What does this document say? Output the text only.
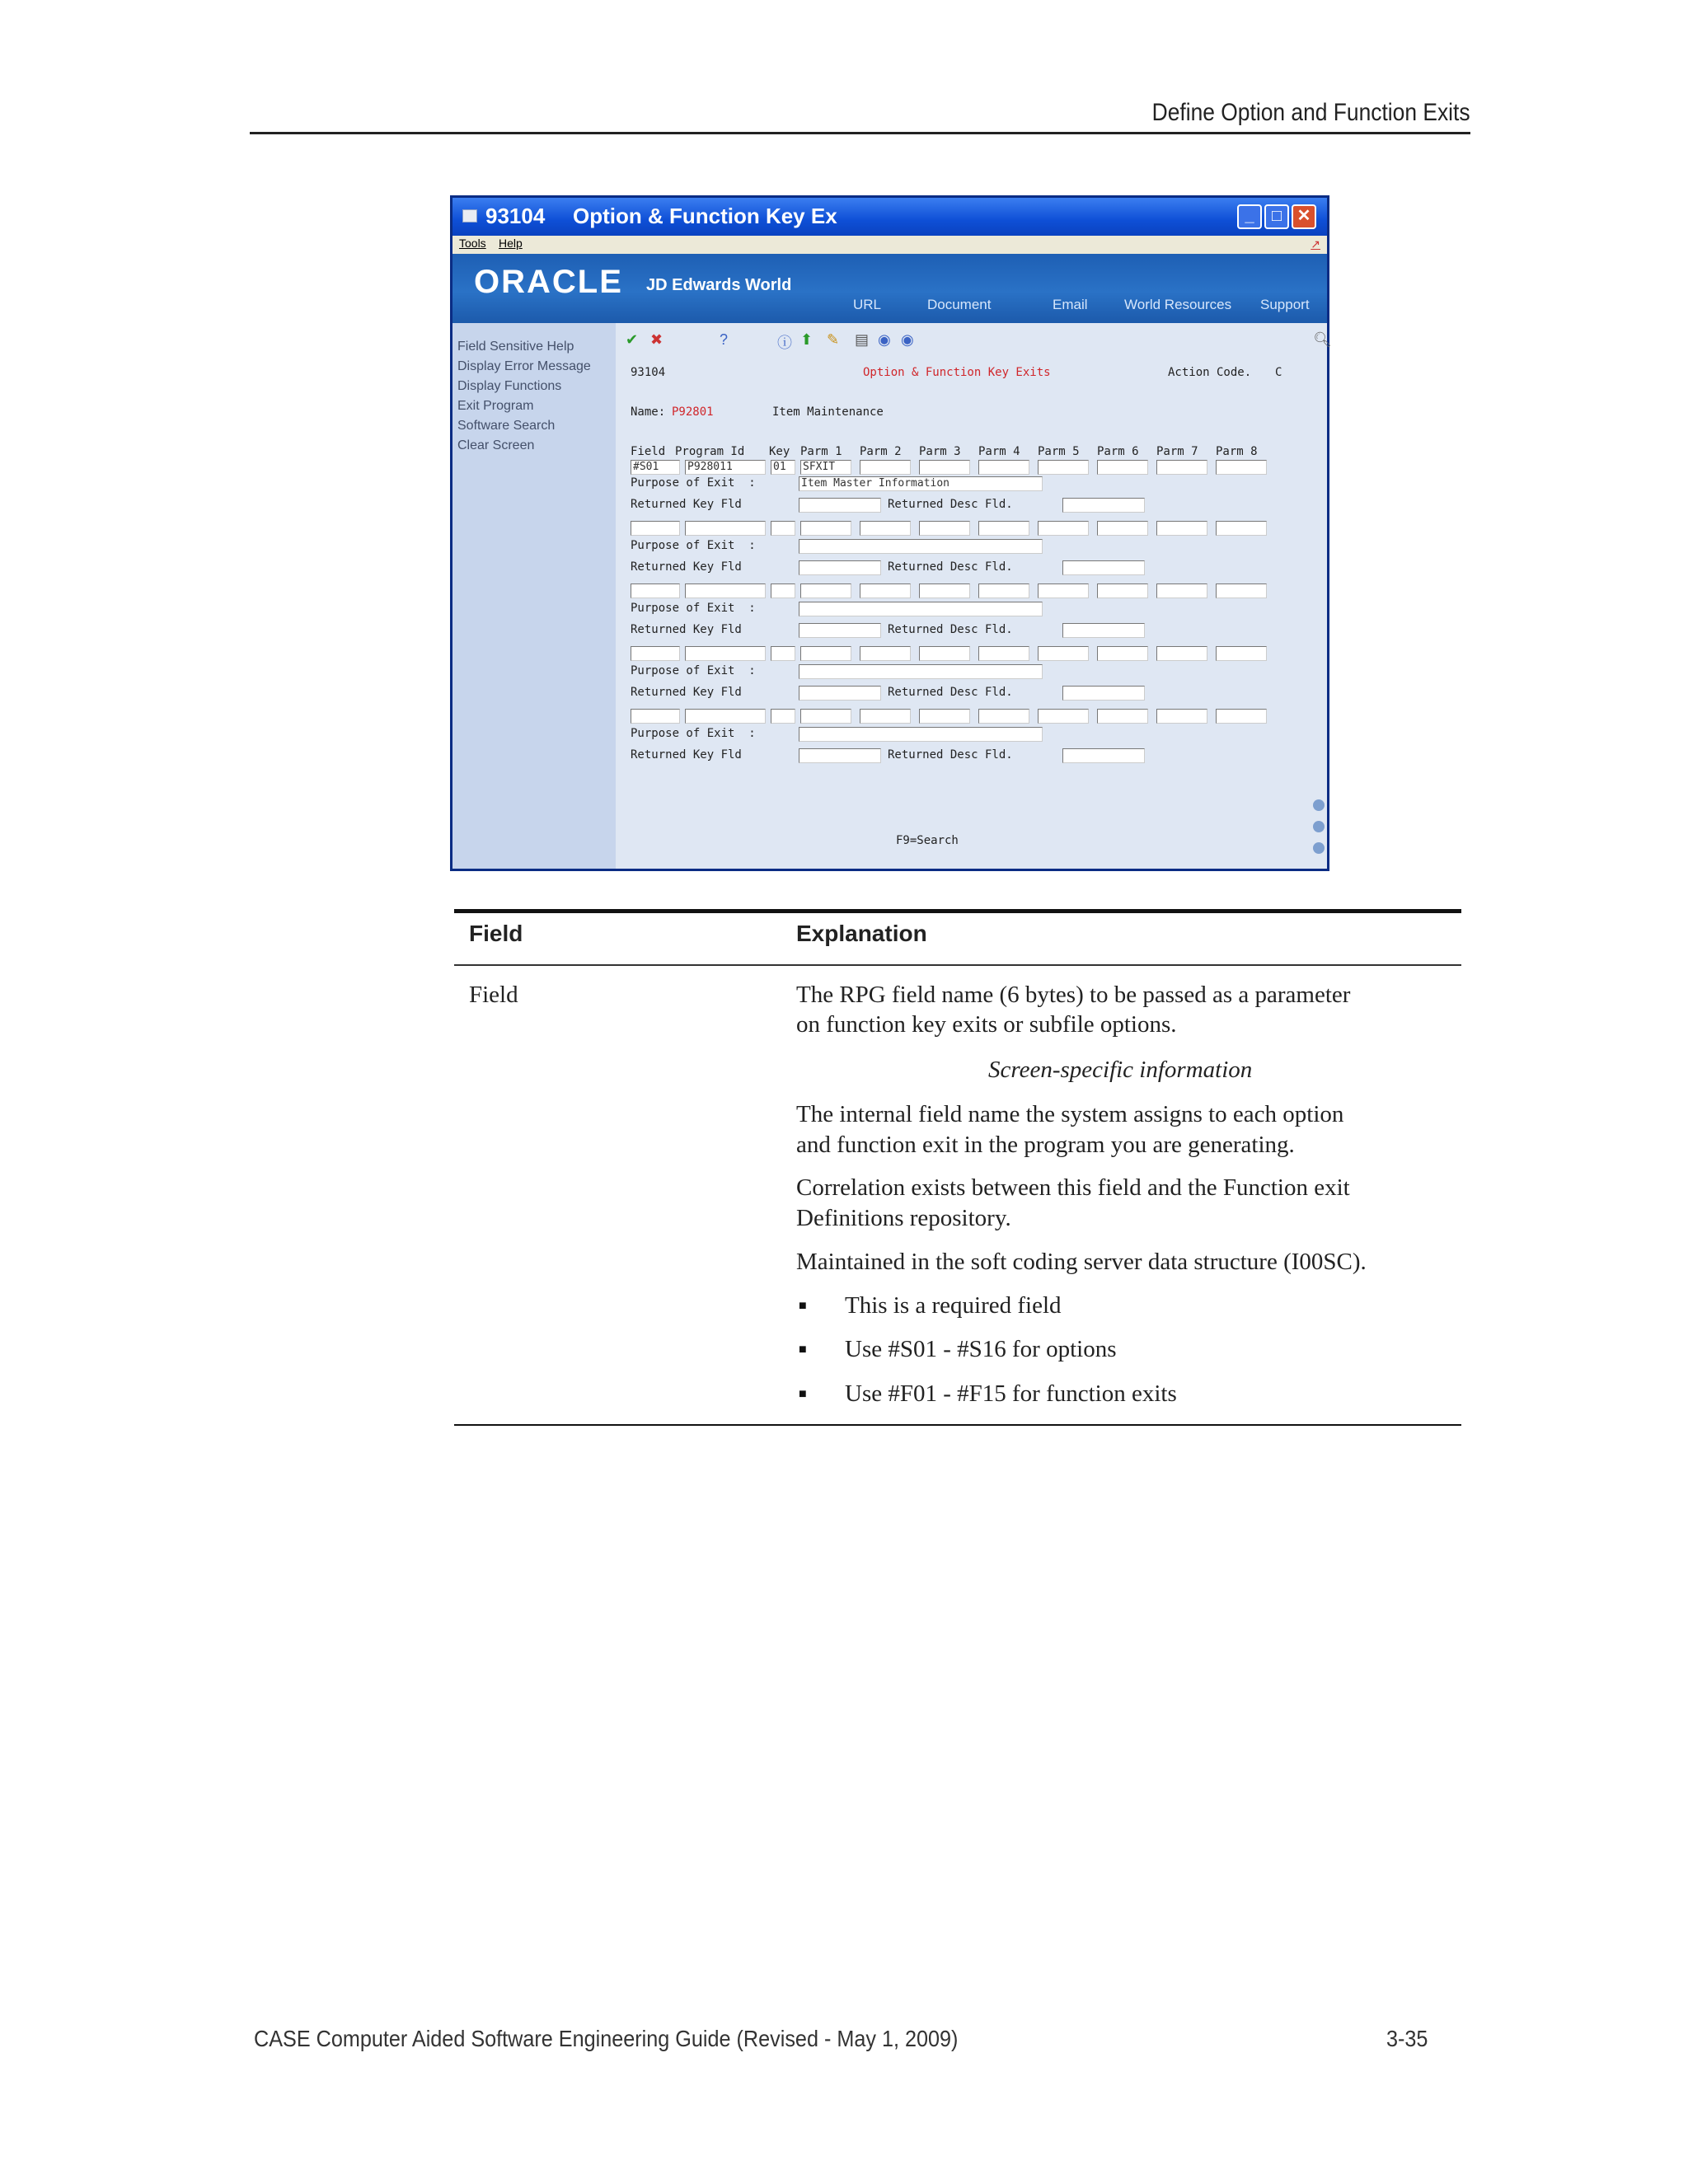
Define Option and Function Exits
93104 Option & Function Key Ex	_	□ ✕
Tools Help	↗
ORACLE JD Edwards World
URL	Document	Email	World Resources Support
Field Sensitive Help
Display Error Message
Display Functions
Exit Program
Software Search
Clear Screen
✔ ✖	?	ⓘ ⬆ ✎ ▤ ◉ ◉	🔍︎
93104	Option & Function Key Exits	Action Code. C
Name: P92801	Item Maintenance
Field Program Id Key Parm 1 Parm 2 Parm 3 Parm 4 Parm 5 Parm 6 Parm 7 Parm 8
#S01	P928011	01	SFXIT
Purpose of Exit  :	Item Master Information
Returned Key Fld	Returned Desc Fld.
Purpose of Exit  :
Returned Key Fld	Returned Desc Fld.
Purpose of Exit  :
Returned Key Fld	Returned Desc Fld.
Purpose of Exit  :
Returned Key Fld	Returned Desc Fld.
Purpose of Exit  :
Returned Key Fld	Returned Desc Fld.
F9=Search
Field	Explanation
Field	The RPG field name (6 bytes) to be passed as a parameter
on function key exits or subfile options.
Screen-specific information
The internal field name the system assigns to each option
and function exit in the program you are generating.
Correlation exists between this field and the Function exit
Definitions repository.
Maintained in the soft coding server data structure (I00SC).
■ This is a required field
■ Use #S01 - #S16 for options
■ Use #F01 - #F15 for function exits
CASE Computer Aided Software Engineering Guide (Revised - May 1, 2009)	3-35
